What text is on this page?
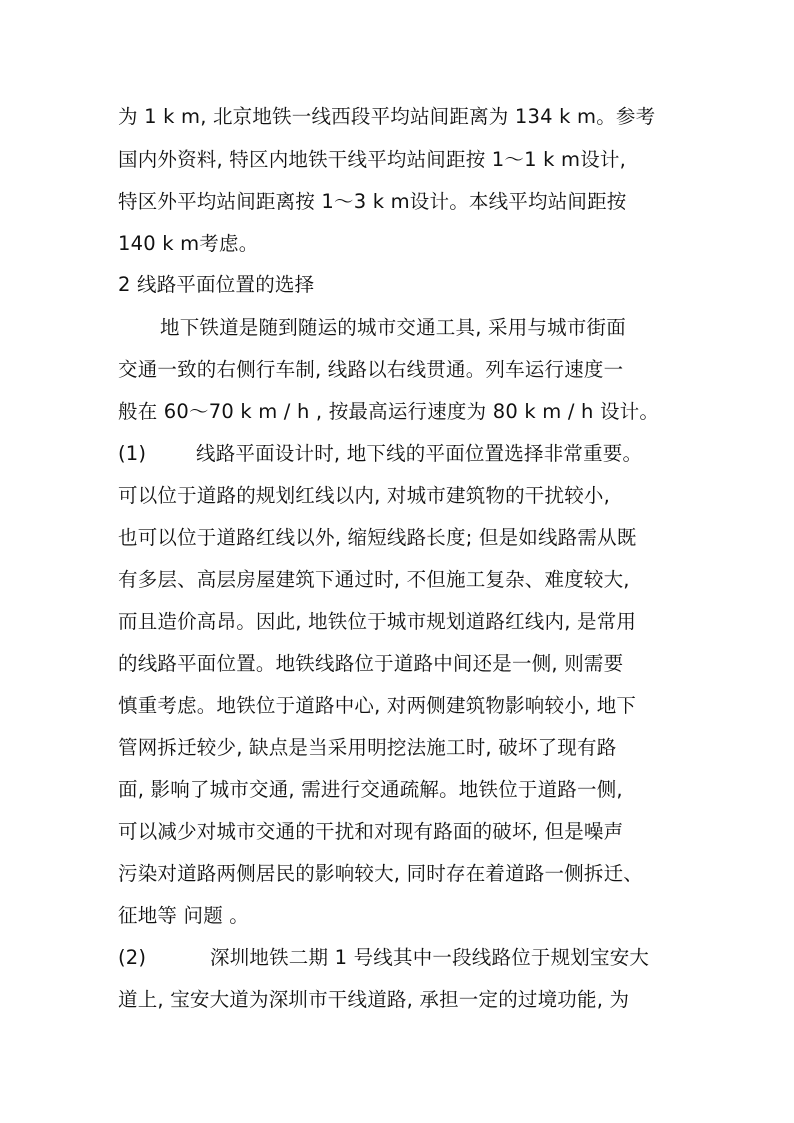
为 1 k m, 北京地铁一线西段平均站间距离为 134 k m。参考
国内外资料, 特区内地铁干线平均站间距按 1～1 k m设计,
特区外平均站间距离按 1～3 k m设计。本线平均站间距按
140 k m考虑。
2 线路平面位置的选择
地下铁道是随到随运的城市交通工具, 采用与城市街面
交通一致的右侧行车制, 线路以右线贯通。列车运行速度一
般在 60～70 k m / h , 按最高运行速度为 80 k m / h 设计。
(1)	线路平面设计时, 地下线的平面位置选择非常重要。
可以位于道路的规划红线以内, 对城市建筑物的干扰较小,
也可以位于道路红线以外, 缩短线路长度; 但是如线路需从既
有多层、高层房屋建筑下通过时, 不但施工复杂、难度较大,
而且造价高昂。因此, 地铁位于城市规划道路红线内, 是常用
的线路平面位置。地铁线路位于道路中间还是一侧, 则需要
慎重考虑。地铁位于道路中心, 对两侧建筑物影响较小, 地下
管网拆迁较少, 缺点是当采用明挖法施工时, 破坏了现有路
面, 影响了城市交通, 需进行交通疏解。地铁位于道路一侧,
可以减少对城市交通的干扰和对现有路面的破坏, 但是噪声
污染对道路两侧居民的影响较大, 同时存在着道路一侧拆迁、
征地等 问题 。
(2)	深圳地铁二期 1 号线其中一段线路位于规划宝安大
道上, 宝安大道为深圳市干线道路, 承担一定的过境功能, 为
